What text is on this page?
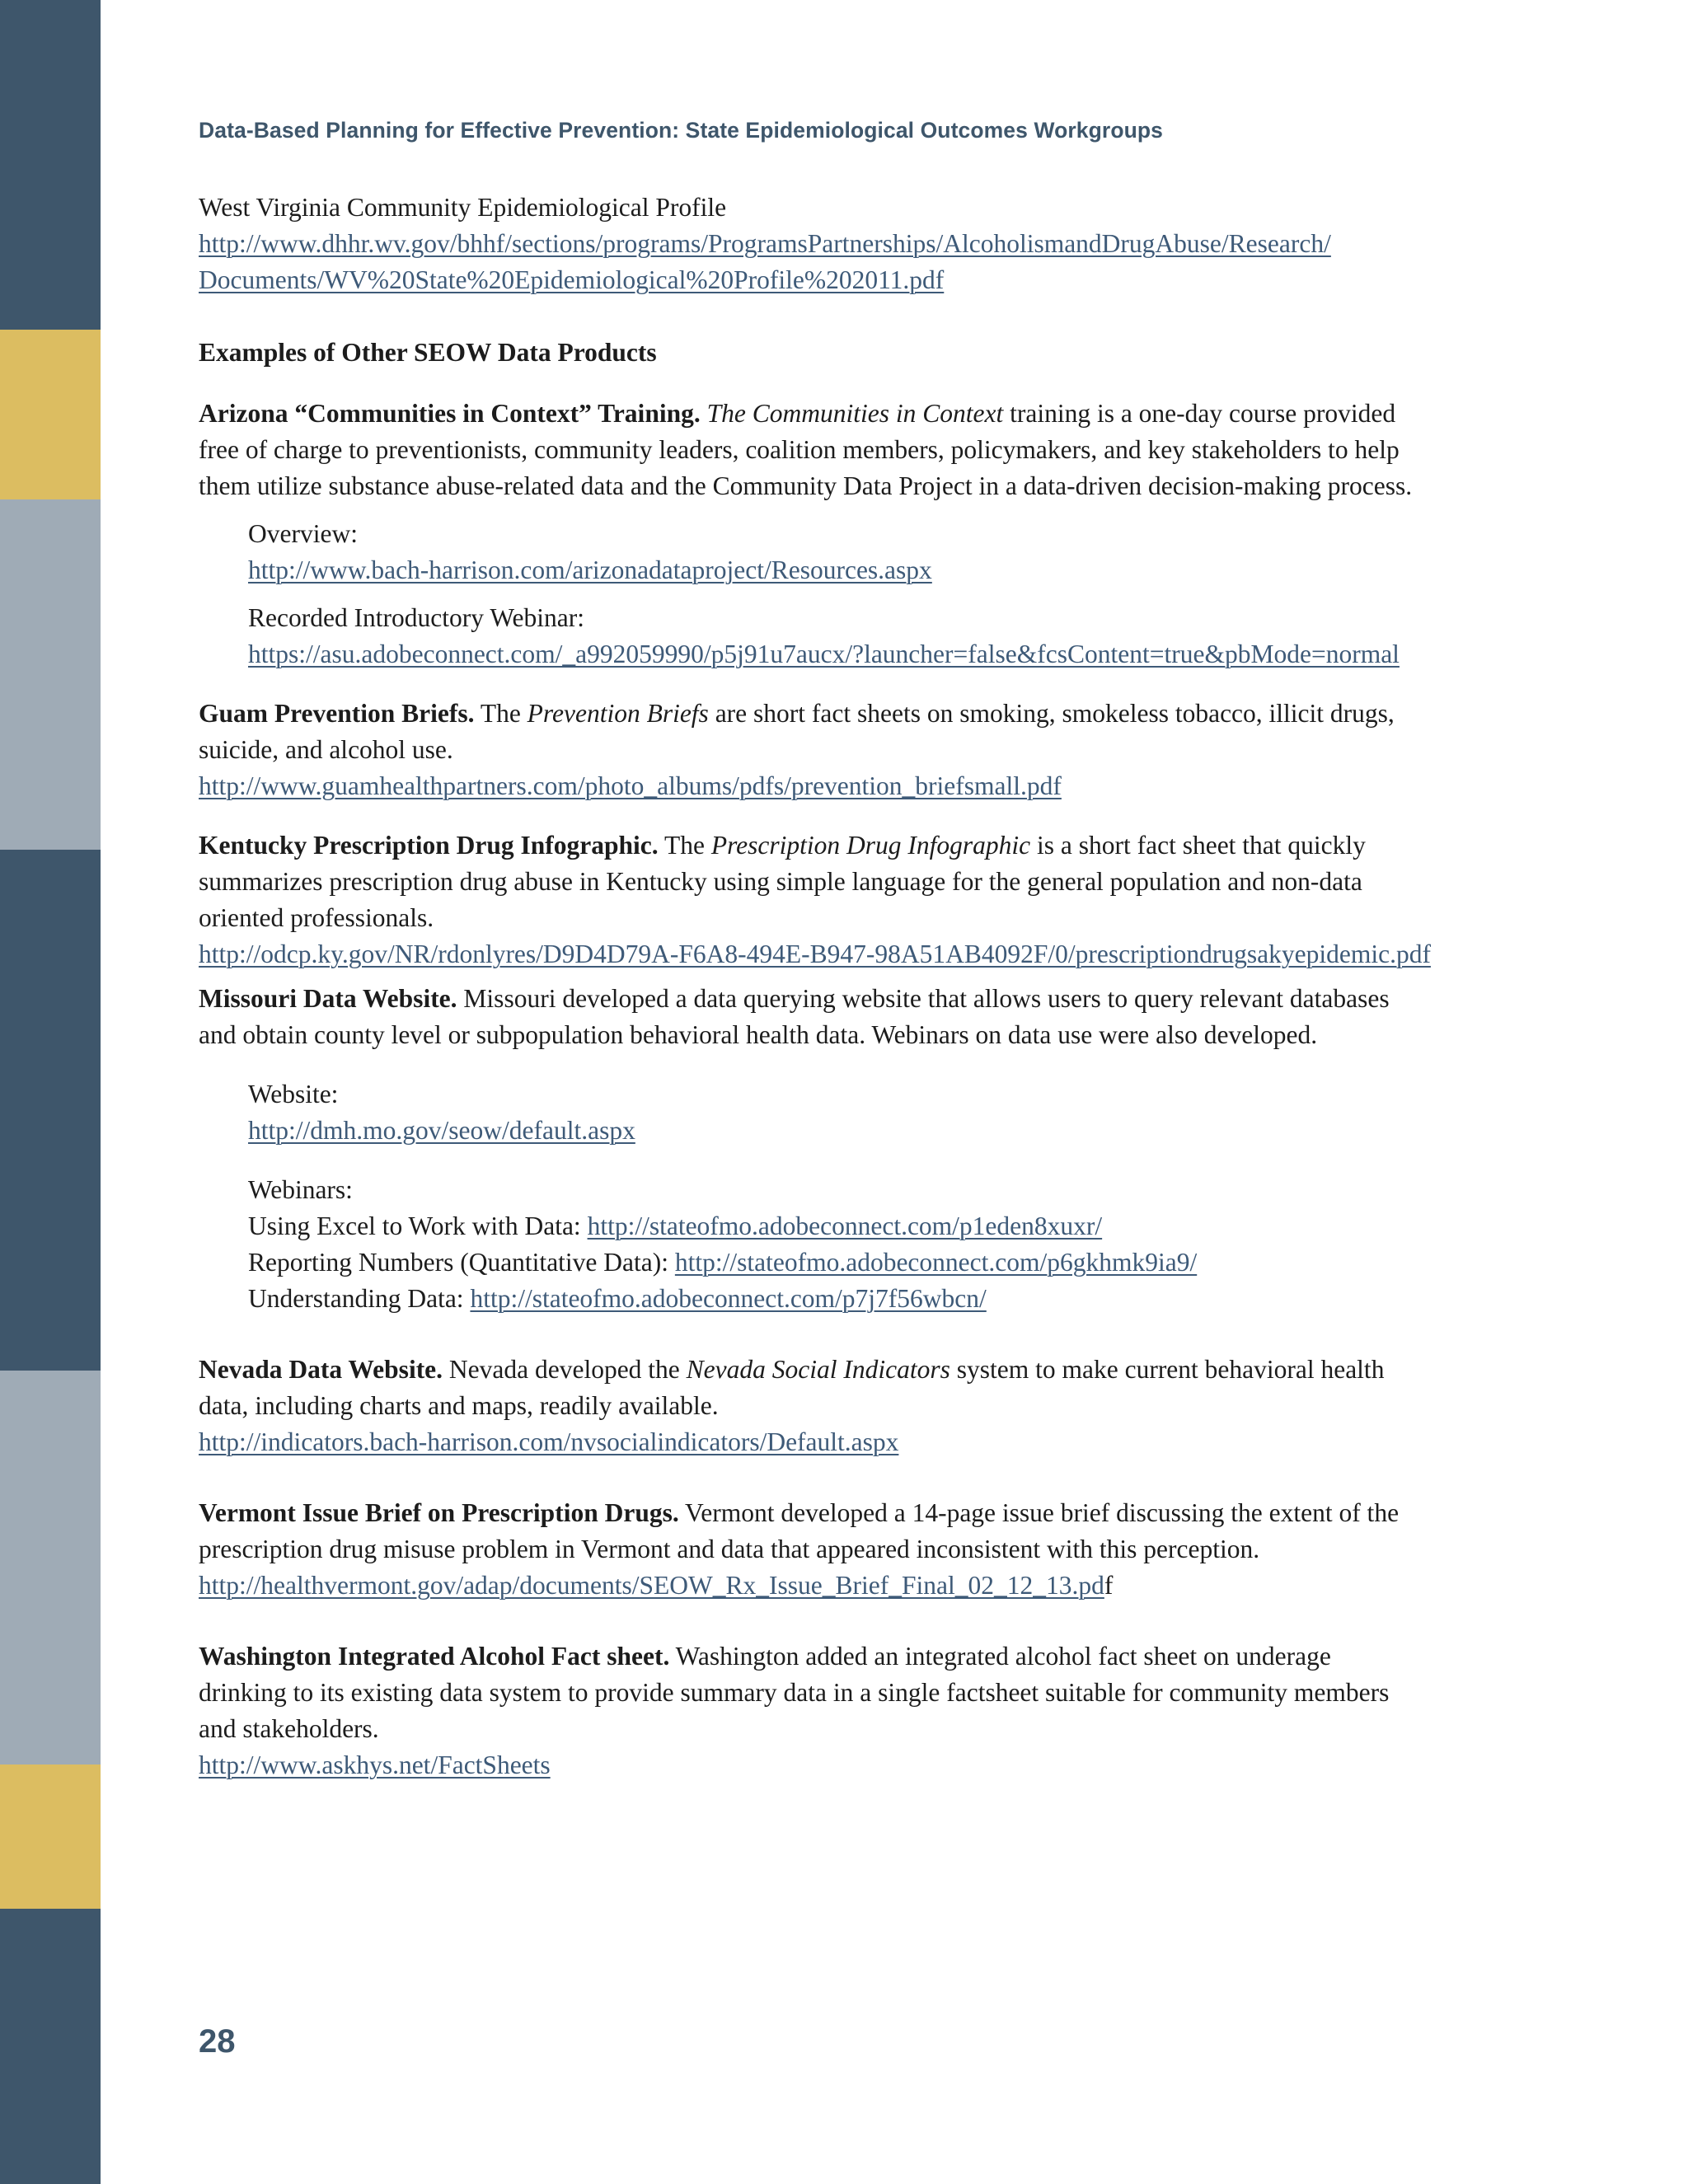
Data-Based Planning for Effective Prevention: State Epidemiological Outcomes Workgroups

West Virginia Community Epidemiological Profile

http://www.dhhr.wv.gov/bhhf/sections/programs/ProgramsPartnerships/AlcoholismandDrugAbuse/Research/
Documents/WV%20State%20Epidemiological%20Profile%202011.pdf

Examples of Other SEOW Data Products

Arizona “Communities in Context” Training. The Communities in Context training is a one-day course provided
free of charge to preventionists, community leaders, coalition members, policymakers, and key stakeholders to help
them utilize substance abuse-related data and the Community Data Project in a data-driven decision-making process.

Overview:

http://www.bach-harrison.com/arizonadataproject/Resources.aspx

Recorded Introductory Webinar:

https://asu.adobeconnect.com/_a992059990/p5j91u7aucx/?launcher=false&fcsContent=true&pbMode=normal

Guam Prevention Briefs. The Prevention Briefs are short fact sheets on smoking, smokeless tobacco, illicit drugs,
suicide, and alcohol use.

http://www.guamhealthpartners.com/photo_albums/pdfs/prevention_briefsmall.pdf

Kentucky Prescription Drug Infographic. The Prescription Drug Infographic is a short fact sheet that quickly
summarizes prescription drug abuse in Kentucky using simple language for the general population and non-data
oriented professionals.

http://odcp.ky.gov/NR/rdonlyres/D9D4D79A-F6A8-494E-B947-98A51AB4092F/0/prescriptiondrugsakyepidemic.pdf

Missouri Data Website. Missouri developed a data querying website that allows users to query relevant databases
and obtain county level or subpopulation behavioral health data. Webinars on data use were also developed.

Website:

http://dmh.mo.gov/seow/default.aspx

Webinars:

Using Excel to Work with Data: http://stateofmo.adobeconnect.com/p1eden8xuxr/

Reporting Numbers (Quantitative Data): http://stateofmo.adobeconnect.com/p6gkhmk9ia9/

Understanding Data: http://stateofmo.adobeconnect.com/p7j7f56wbcn/

Nevada Data Website. Nevada developed the Nevada Social Indicators system to make current behavioral health
data, including charts and maps, readily available.

http://indicators.bach-harrison.com/nvsocialindicators/Default.aspx

Vermont Issue Brief on Prescription Drugs. Vermont developed a 14-page issue brief discussing the extent of the
prescription drug misuse problem in Vermont and data that appeared inconsistent with this perception.

http://healthvermont.gov/adap/documents/SEOW_Rx_Issue_Brief_Final_02_12_13.pdf

Washington Integrated Alcohol Fact sheet. Washington added an integrated alcohol fact sheet on underage
drinking to its existing data system to provide summary data in a single factsheet suitable for community members
and stakeholders.

http://www.askhys.net/FactSheets

28
